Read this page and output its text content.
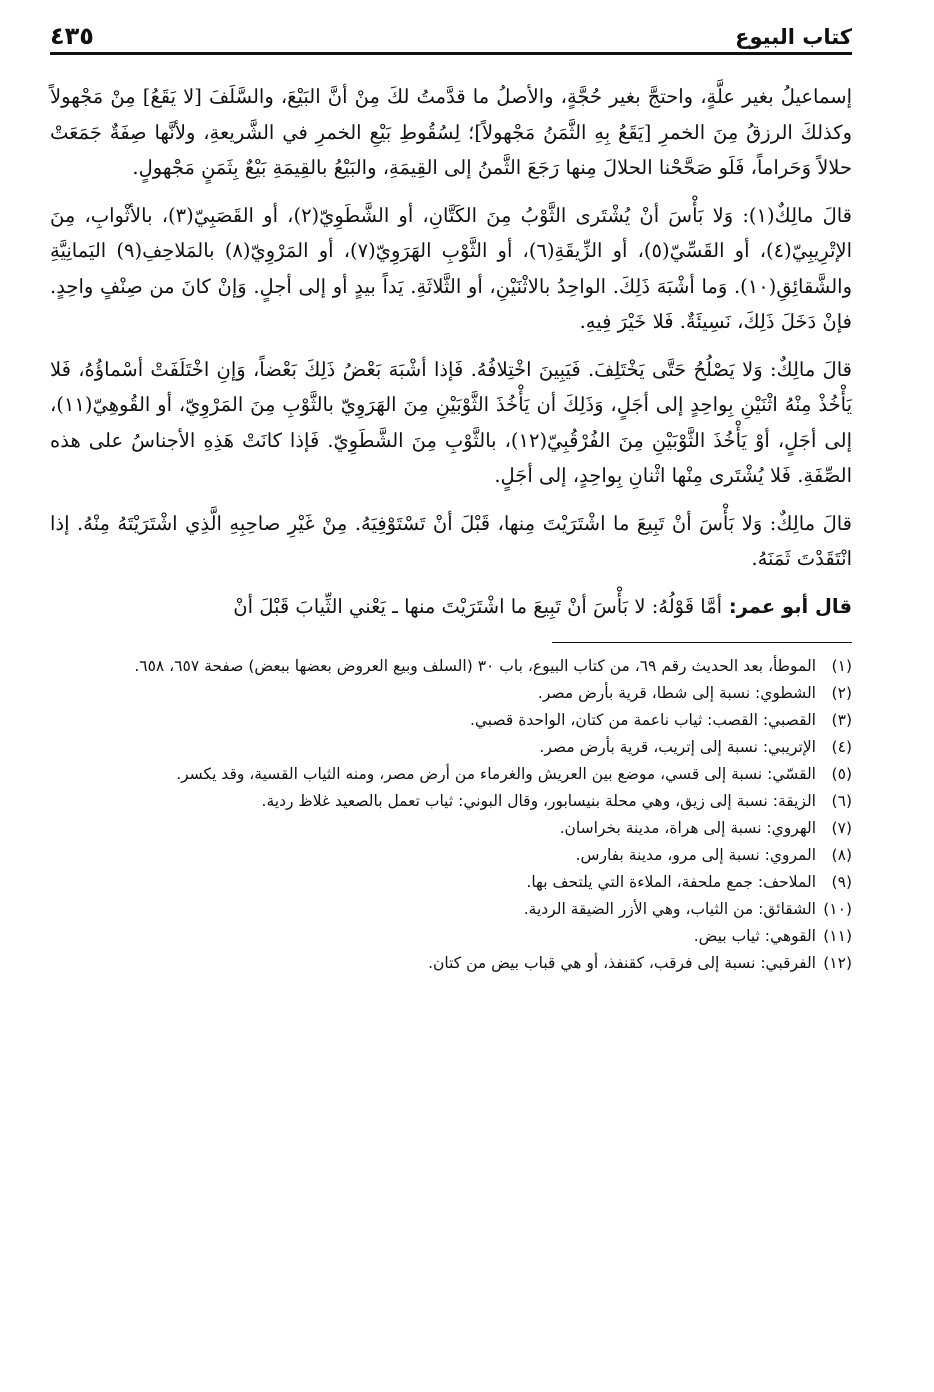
كتاب البيوع
٤٣٥

إسماعيلُ بغير علَّةٍ، واحتجَّ بغير حُجَّةٍ، والأصلُ ما قدَّمتُ لكَ مِنْ أنَّ البَيْعَ، والسَّلَفَ [لا يَقَعُ] مِنْ مَجْهولاً وكذلكَ الرزقُ مِنَ الخمرِ [يَقَعُ بِهِ الثَّمَنُ مَجْهولاً]؛ لِسُقُوطِ بَيْعِ الخمرِ في الشَّريعةِ، ولأنَّها صِفَةٌ جَمَعَتْ حلالاً وَحَراماً، فَلَو صَحَّحْنا الحلالَ مِنها رَجَعَ الثَّمنُ إلى القِيمَةِ، والبَيْعُ بالقِيمَةِ بَيْعٌ بِثَمَنٍ مَجْهولٍ.

قالَ مالِكٌ(١): وَلا بَأْسَ أنْ يُشْتَرى الثَّوْبُ مِنَ الكَتَّانِ، أو الشَّطَوِيّ(٢)، أو القَصَبِيّ(٣)، بالأثْوابِ، مِنَ الإتْرِيبِيّ(٤)، أو القَسِّيّ(٥)، أو الزِّيقَةِ(٦)، أو الثَّوْبِ الهَرَوِيّ(٧)، أو المَرْوِيّ(٨) بالمَلاحِفِ(٩) اليَمانِيَّةِ والشَّقائِقِ(١٠). وَما أشْبَهَ ذَلِكَ. الواحِدُ بالاثْنَيْنِ، أو الثَّلاثَةِ. يَداً بيدٍ أو إلى أجلٍ. وَإنْ كانَ من صِنْفٍ واحِدٍ. فإنْ دَخَلَ ذَلِكَ، نَسِيئَةٌ. فَلا خَيْرَ فِيهِ.

قالَ مالِكٌ: وَلا يَصْلُحُ حَتَّى يَخْتَلِفَ. فَيَبِينَ اخْتِلافُهُ. فَإذا أشْبَهَ بَعْضُ ذَلِكَ بَعْضاً، وَإنِ اخْتَلَفَتْ أسْماؤُهُ، فَلا يَأْخُذْ مِنْهُ اثْنَيْنِ بِواحِدٍ إلى أجَلٍ، وَذَلِكَ أن يَأْخُذَ الثَّوْبَيْنِ مِنَ الهَرَوِيّ بالثَّوْبِ مِنَ المَرْوِيّ، أو القُوهِيّ(١١)، إلى أجَلٍ، أوْ يَأْخُذَ الثَّوْبَيْنِ مِنَ الفُرْقُبِيّ(١٢)، بالثَّوْبِ مِنَ الشَّطَوِيّ. فَإذا كانَتْ هَذِهِ الأجناسُ على هذه الصِّفَةِ. فَلا يُشْتَرى مِنْها اثْنانِ بِواحِدٍ، إلى أجَلٍ.

قالَ مالِكٌ: وَلا بَأْسَ أنْ تَبِيعَ ما اشْتَرَيْتَ مِنها، قَبْلَ أنْ تَسْتَوْفِيَهُ. مِنْ غَيْرِ صاحِبِهِ الَّذِي اشْتَرَيْتَهُ مِنْهُ. إذا انْتَقَدْتَ ثَمَنَهُ.

قال أبو عمر: أمَّا قَوْلُهُ: لا بَأْسَ أنْ تَبِيعَ ما اشْتَرَيْتَ منها ـ يَعْني الثِّيابَ قَبْلَ أنْ

(١)الموطأ، بعد الحديث رقم ٦٩، من كتاب البيوع، باب ٣٠ (السلف وبيع العروض بعضها ببعض) صفحة ٦٥٧، ٦٥٨.

(٢)الشطوي: نسبة إلى شطا، قرية بأرض مصر.

(٣)القصبي: القصب: ثياب ناعمة من كتان، الواحدة قصبي.

(٤)الإتريبي: نسبة إلى إتريب، قرية بأرض مصر.

(٥)القسّي: نسبة إلى قسي، موضع بين العريش والغرماء من أرض مصر، ومنه الثياب القسية، وقد يكسر.

(٦)الزيقة: نسبة إلى زيق، وهي محلة بنيسابور، وقال البوني: ثياب تعمل بالصعيد غلاظ ردية.

(٧)الهروي: نسبة إلى هراة، مدينة بخراسان.

(٨)المروي: نسبة إلى مرو، مدينة بفارس.

(٩)الملاحف: جمع ملحفة، الملاءة التي يلتحف بها.

(١٠)الشقائق: من الثياب، وهي الأزر الضيقة الردية.

(١١)القوهي: ثياب بيض.

(١٢)الفرقبي: نسبة إلى فرقب، كقنفذ، أو هي قباب بيض من كتان.
